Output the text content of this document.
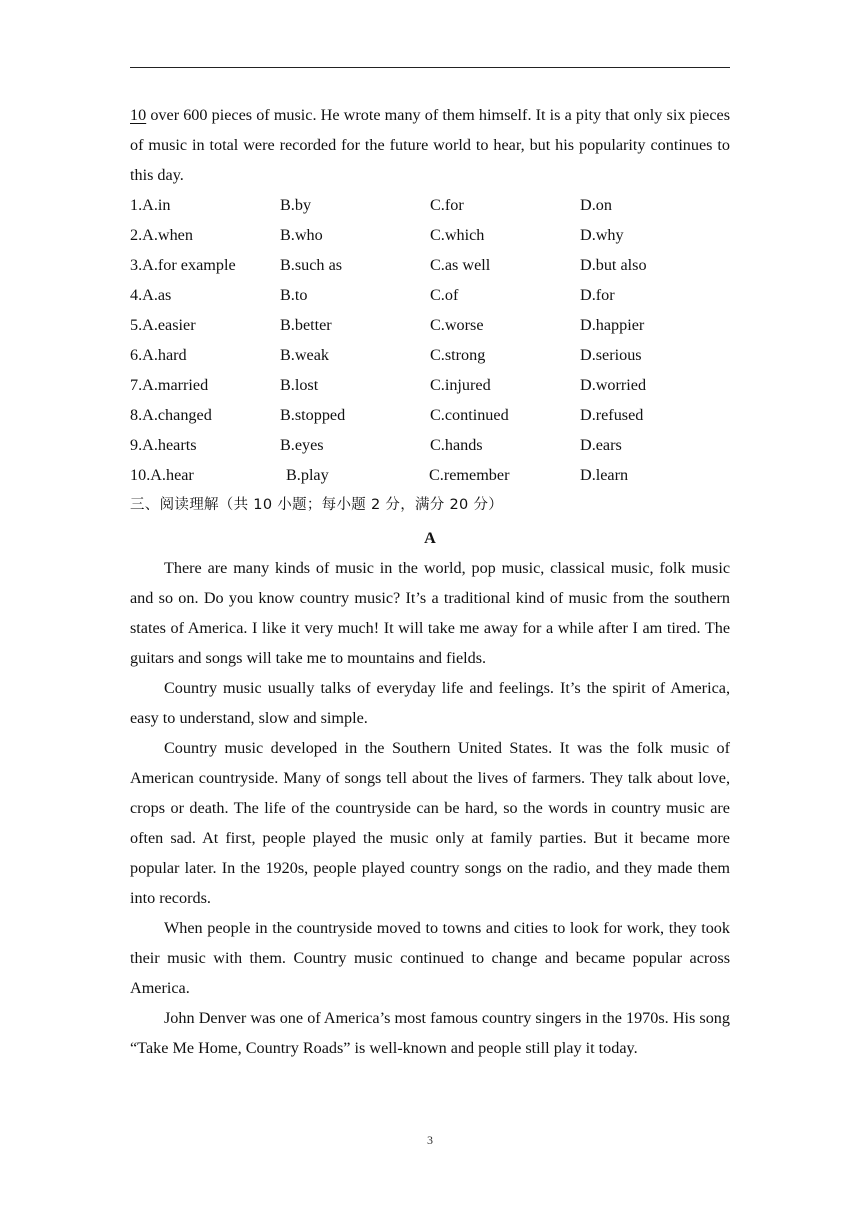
10 over 600 pieces of music. He wrote many of them himself. It is a pity that only six pieces of music in total were recorded for the future world to hear, but his popularity continues to this day.

1.A.in	B.by	C.for	D.on
2.A.when	B.who	C.which	D.why
3.A.for example	B.such as	C.as well	D.but also
4.A.as	B.to	C.of	D.for
5.A.easier	B.better	C.worse	D.happier
6.A.hard	B.weak	C.strong	D.serious
7.A.married	B.lost	C.injured	D.worried
8.A.changed	B.stopped	C.continued	D.refused
9.A.hearts	B.eyes	C.hands	D.ears
10.A.hear	B.play	C.remember	D.learn

三、阅读理解（共 10 小题；每小题 2 分，满分 20 分）

A

There are many kinds of music in the world, pop music, classical music, folk music and so on. Do you know country music? It’s a traditional kind of music from the southern states of America. I like it very much! It will take me away for a while after I am tired. The guitars and songs will take me to mountains and fields.

Country music usually talks of everyday life and feelings. It’s the spirit of America, easy to understand, slow and simple.

Country music developed in the Southern United States. It was the folk music of American countryside. Many of songs tell about the lives of farmers. They talk about love, crops or death. The life of the countryside can be hard, so the words in country music are often sad. At first, people played the music only at family parties. But it became more popular later. In the 1920s, people played country songs on the radio, and they made them into records.

When people in the countryside moved to towns and cities to look for work, they took their music with them. Country music continued to change and became popular across America.

John Denver was one of America’s most famous country singers in the 1970s. His song “Take Me Home, Country Roads” is well-known and people still play it today.

3
